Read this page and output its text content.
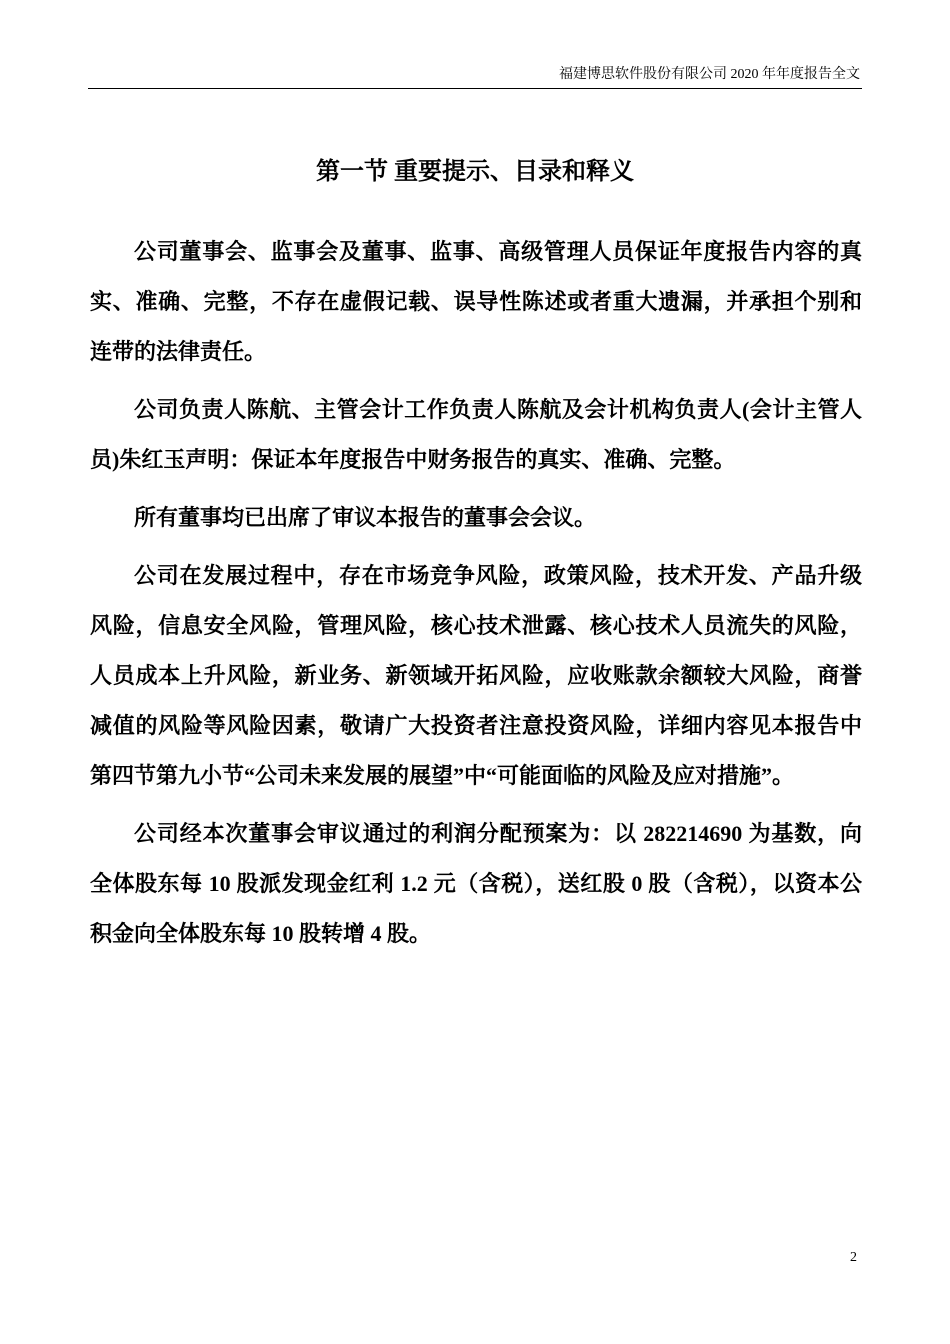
福建博思软件股份有限公司 2020 年年度报告全文
第一节 重要提示、目录和释义

公司董事会、监事会及董事、监事、高级管理人员保证年度报告内容的真
实、准确、完整，不存在虚假记载、误导性陈述或者重大遗漏，并承担个别和
连带的法律责任。

公司负责人陈航、主管会计工作负责人陈航及会计机构负责人(会计主管人
员)朱红玉声明：保证本年度报告中财务报告的真实、准确、完整。

所有董事均已出席了审议本报告的董事会会议。

公司在发展过程中，存在市场竞争风险，政策风险，技术开发、产品升级
风险，信息安全风险，管理风险，核心技术泄露、核心技术人员流失的风险，
人员成本上升风险，新业务、新领域开拓风险，应收账款余额较大风险，商誉
减值的风险等风险因素，敬请广大投资者注意投资风险，详细内容见本报告中
第四节第九小节“公司未来发展的展望”中“可能面临的风险及应对措施”。

公司经本次董事会审议通过的利润分配预案为：以 282214690 为基数，向
全体股东每 10 股派发现金红利 1.2 元（含税），送红股 0 股（含税），以资本公
积金向全体股东每 10 股转增 4 股。

2
